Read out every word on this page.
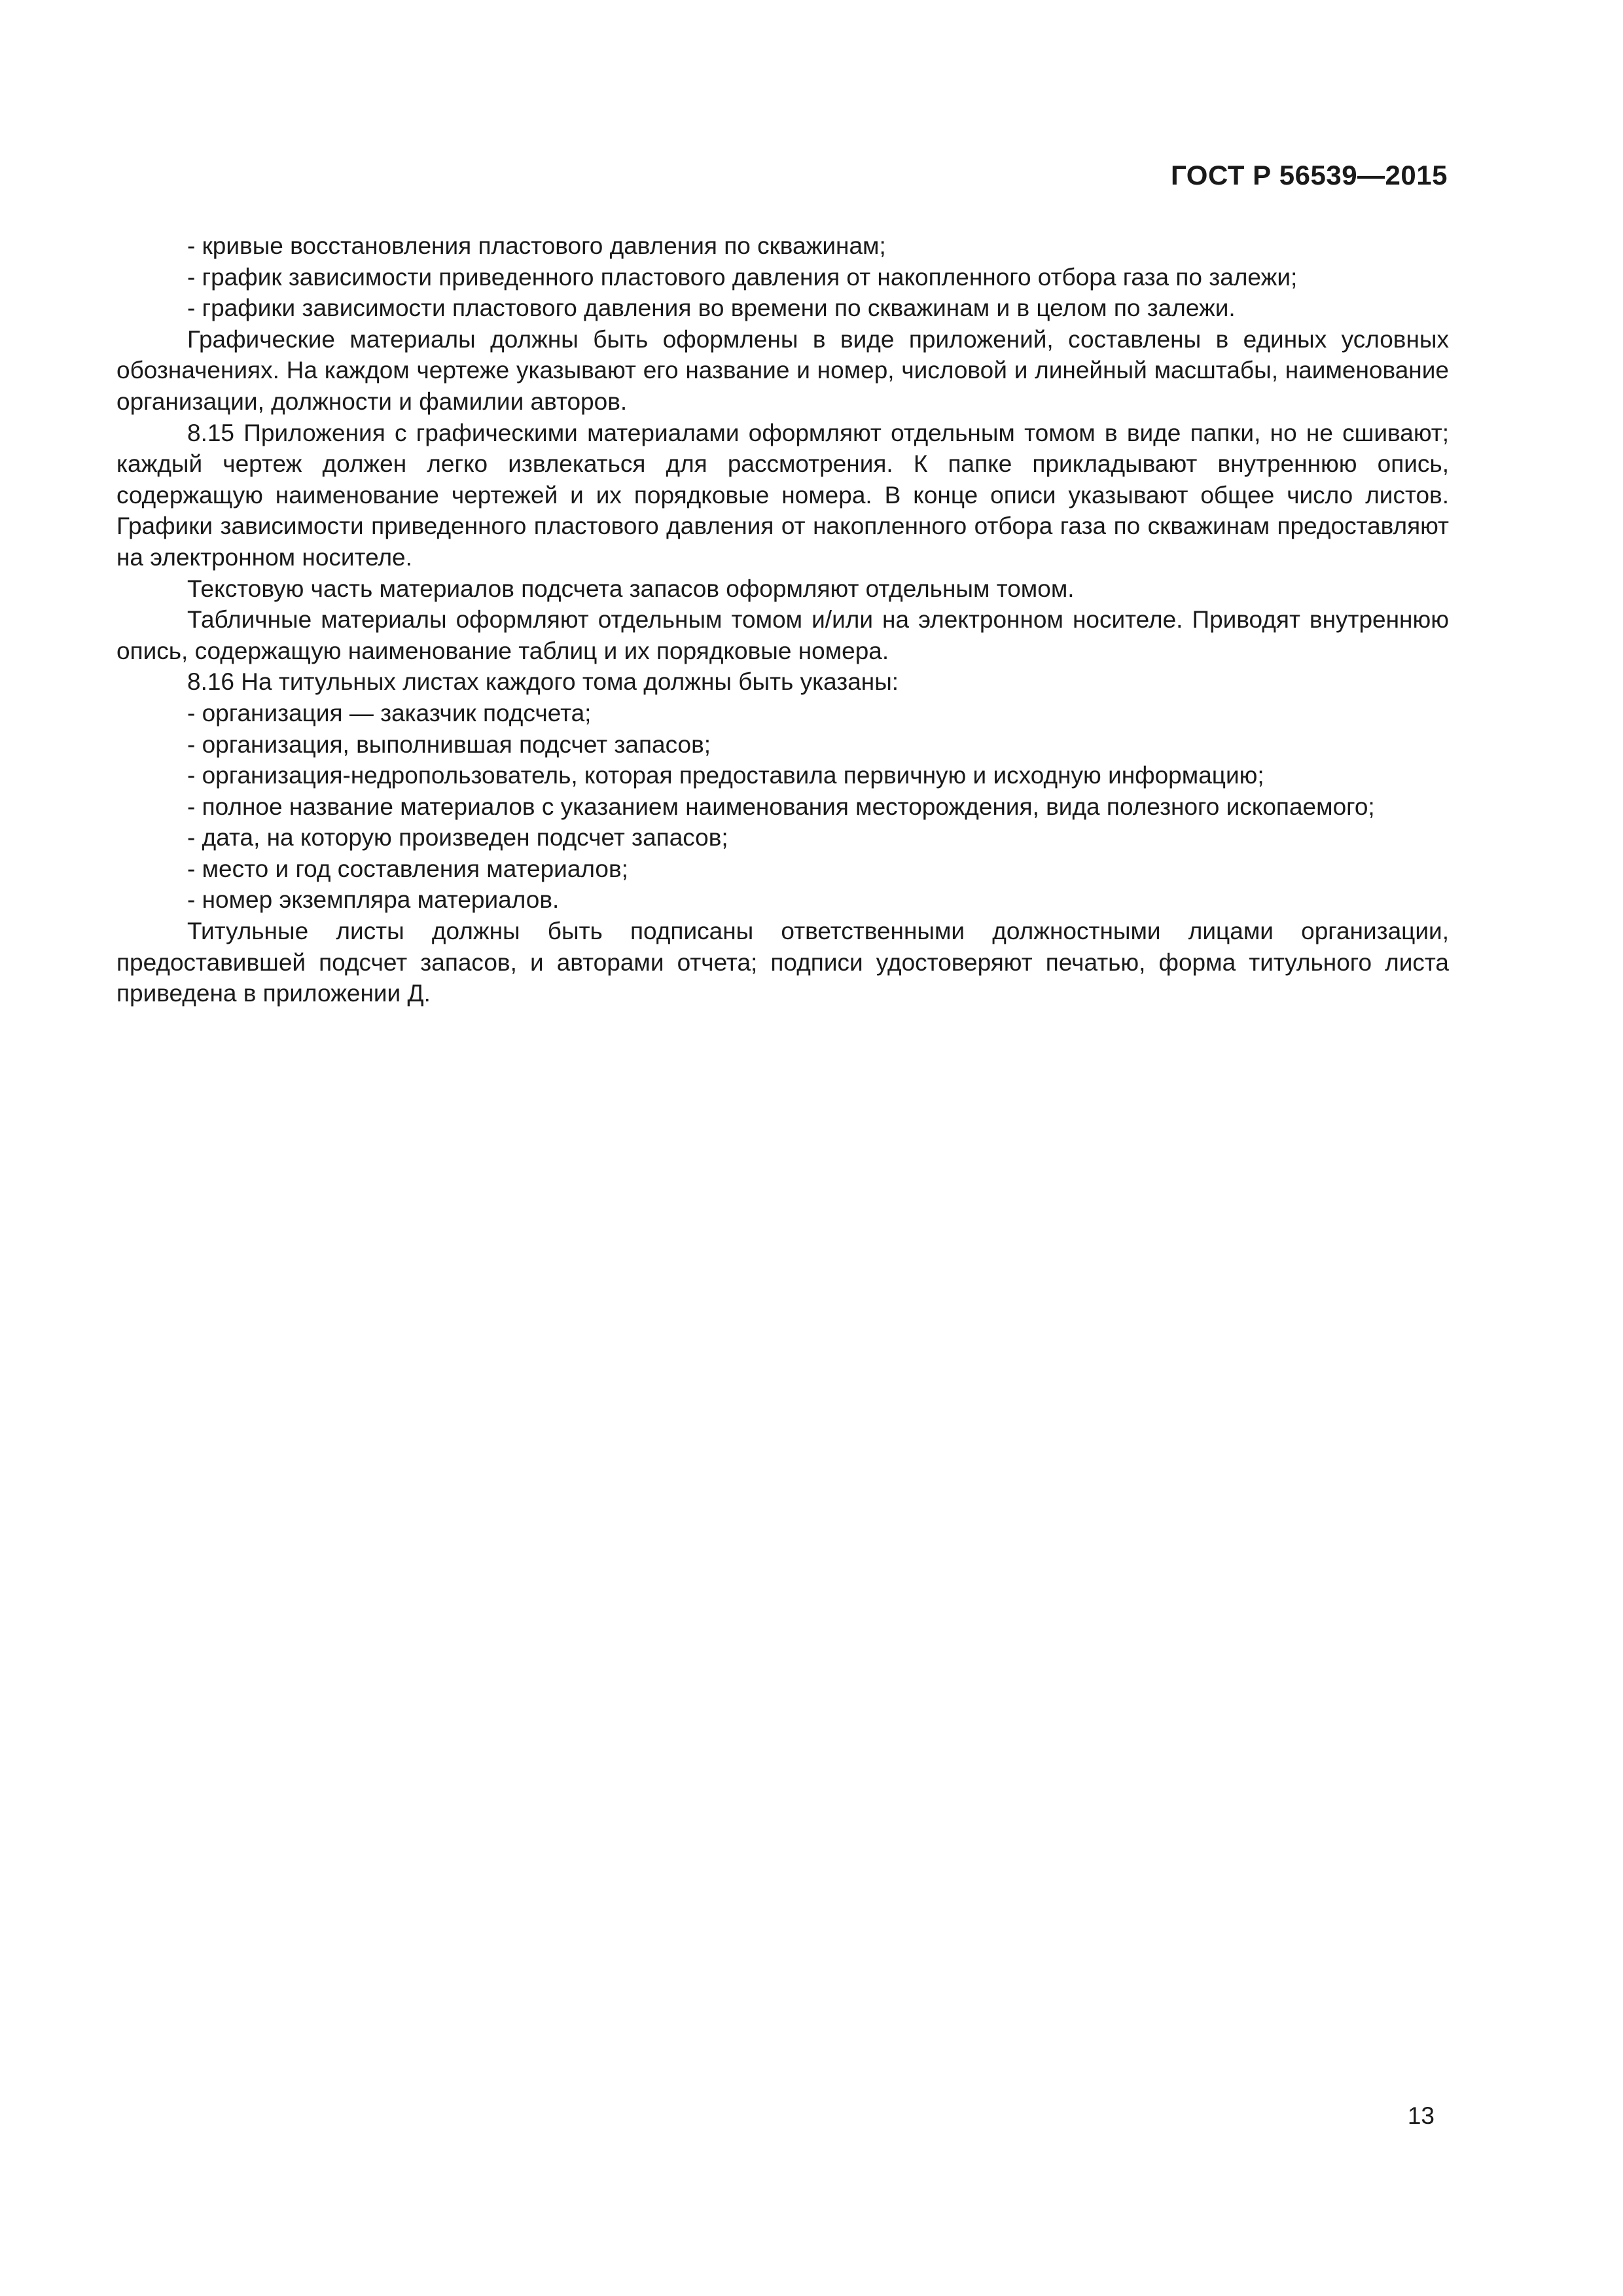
ГОСТ Р 56539—2015

- кривые восстановления пластового давления по скважинам;

- график зависимости приведенного пластового давления от накопленного отбора газа по залежи;

- графики зависимости пластового давления во времени по скважинам и в целом по залежи.

Графические материалы должны быть оформлены в виде приложений, составлены в единых условных обозначениях. На каждом чертеже указывают его название и номер, числовой и линейный масштабы, наименование организации, должности и фамилии авторов.

8.15 Приложения с графическими материалами оформляют отдельным томом в виде папки, но не сшивают; каждый чертеж должен легко извлекаться для рассмотрения. К папке прикладывают внутреннюю опись, содержащую наименование чертежей и их порядковые номера. В конце описи указывают общее число листов. Графики зависимости приведенного пластового давления от накопленного отбора газа по скважинам предоставляют на электронном носителе.

Текстовую часть материалов подсчета запасов оформляют отдельным томом.

Табличные материалы оформляют отдельным томом и/или на электронном носителе. Приводят внутреннюю опись, содержащую наименование таблиц и их порядковые номера.

8.16 На титульных листах каждого тома должны быть указаны:

- организация — заказчик подсчета;

- организация, выполнившая подсчет запасов;

- организация-недропользователь, которая предоставила первичную и исходную информацию;

- полное название материалов с указанием наименования месторождения, вида полезного ископаемого;

- дата, на которую произведен подсчет запасов;

- место и год составления материалов;

- номер экземпляра материалов.

Титульные листы должны быть подписаны ответственными должностными лицами организации, предоставившей подсчет запасов, и авторами отчета; подписи удостоверяют печатью, форма титульного листа приведена в приложении Д.

13
